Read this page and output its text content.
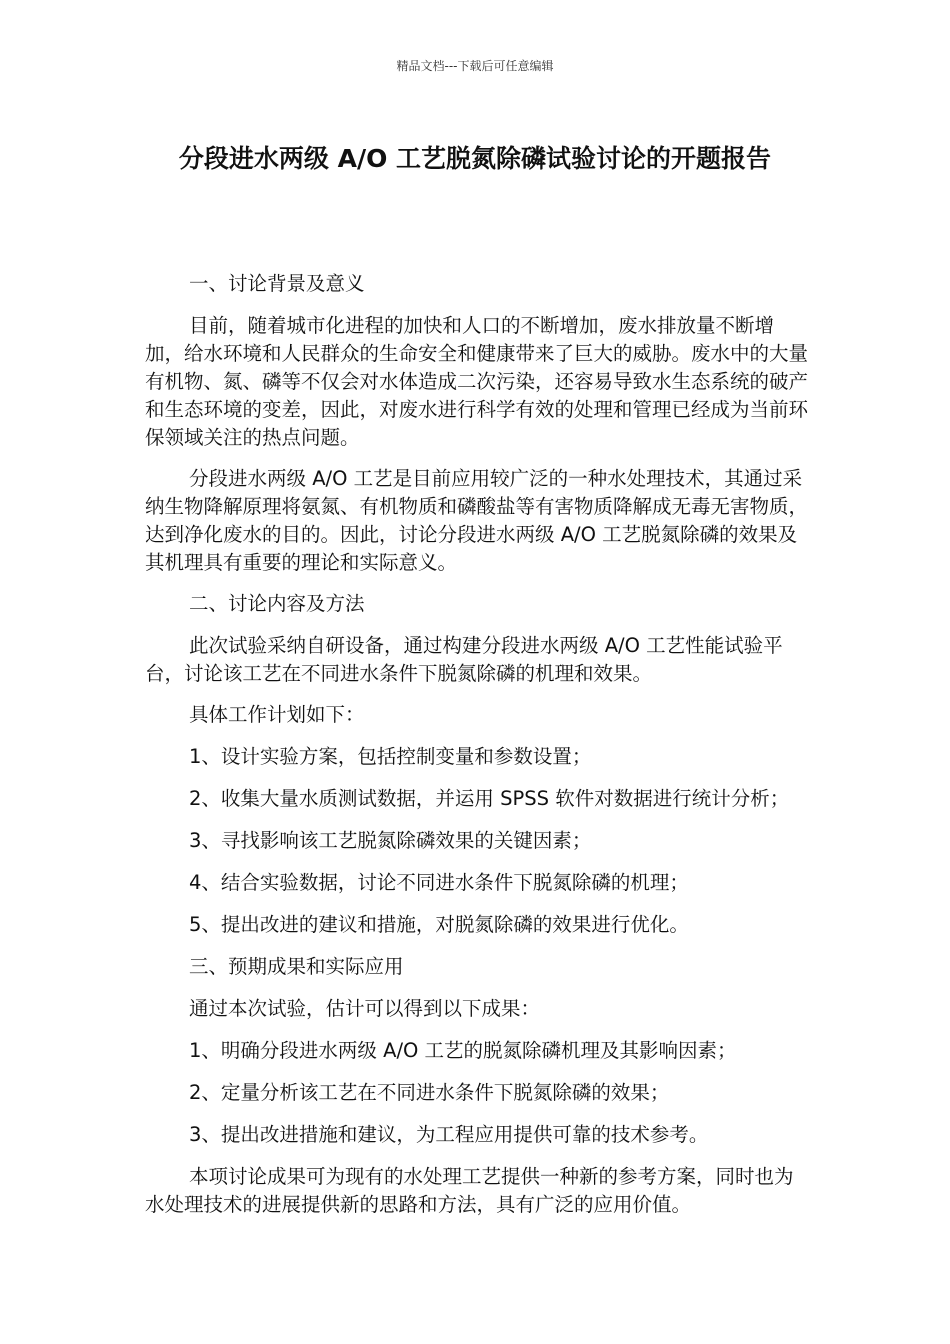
精品文档---下载后可任意编辑
分段进水两级 A/O 工艺脱氮除磷试验讨论的开题报告

一、讨论背景及意义

目前，随着城市化进程的加快和人口的不断增加，废水排放量不断增加，给水环境和人民群众的生命安全和健康带来了巨大的威胁。废水中的大量有机物、氮、磷等不仅会对水体造成二次污染，还容易导致水生态系统的破产和生态环境的变差，因此，对废水进行科学有效的处理和管理已经成为当前环保领域关注的热点问题。

分段进水两级 A/O 工艺是目前应用较广泛的一种水处理技术，其通过采纳生物降解原理将氨氮、有机物质和磷酸盐等有害物质降解成无毒无害物质，达到净化废水的目的。因此，讨论分段进水两级 A/O 工艺脱氮除磷的效果及其机理具有重要的理论和实际意义。

二、讨论内容及方法

此次试验采纳自研设备，通过构建分段进水两级 A/O 工艺性能试验平台，讨论该工艺在不同进水条件下脱氮除磷的机理和效果。

具体工作计划如下：

1、设计实验方案，包括控制变量和参数设置；

2、收集大量水质测试数据，并运用 SPSS 软件对数据进行统计分析；

3、寻找影响该工艺脱氮除磷效果的关键因素；

4、结合实验数据，讨论不同进水条件下脱氮除磷的机理；

5、提出改进的建议和措施，对脱氮除磷的效果进行优化。

三、预期成果和实际应用

通过本次试验，估计可以得到以下成果：

1、明确分段进水两级 A/O 工艺的脱氮除磷机理及其影响因素；

2、定量分析该工艺在不同进水条件下脱氮除磷的效果；

3、提出改进措施和建议，为工程应用提供可靠的技术参考。

本项讨论成果可为现有的水处理工艺提供一种新的参考方案，同时也为水处理技术的进展提供新的思路和方法，具有广泛的应用价值。
